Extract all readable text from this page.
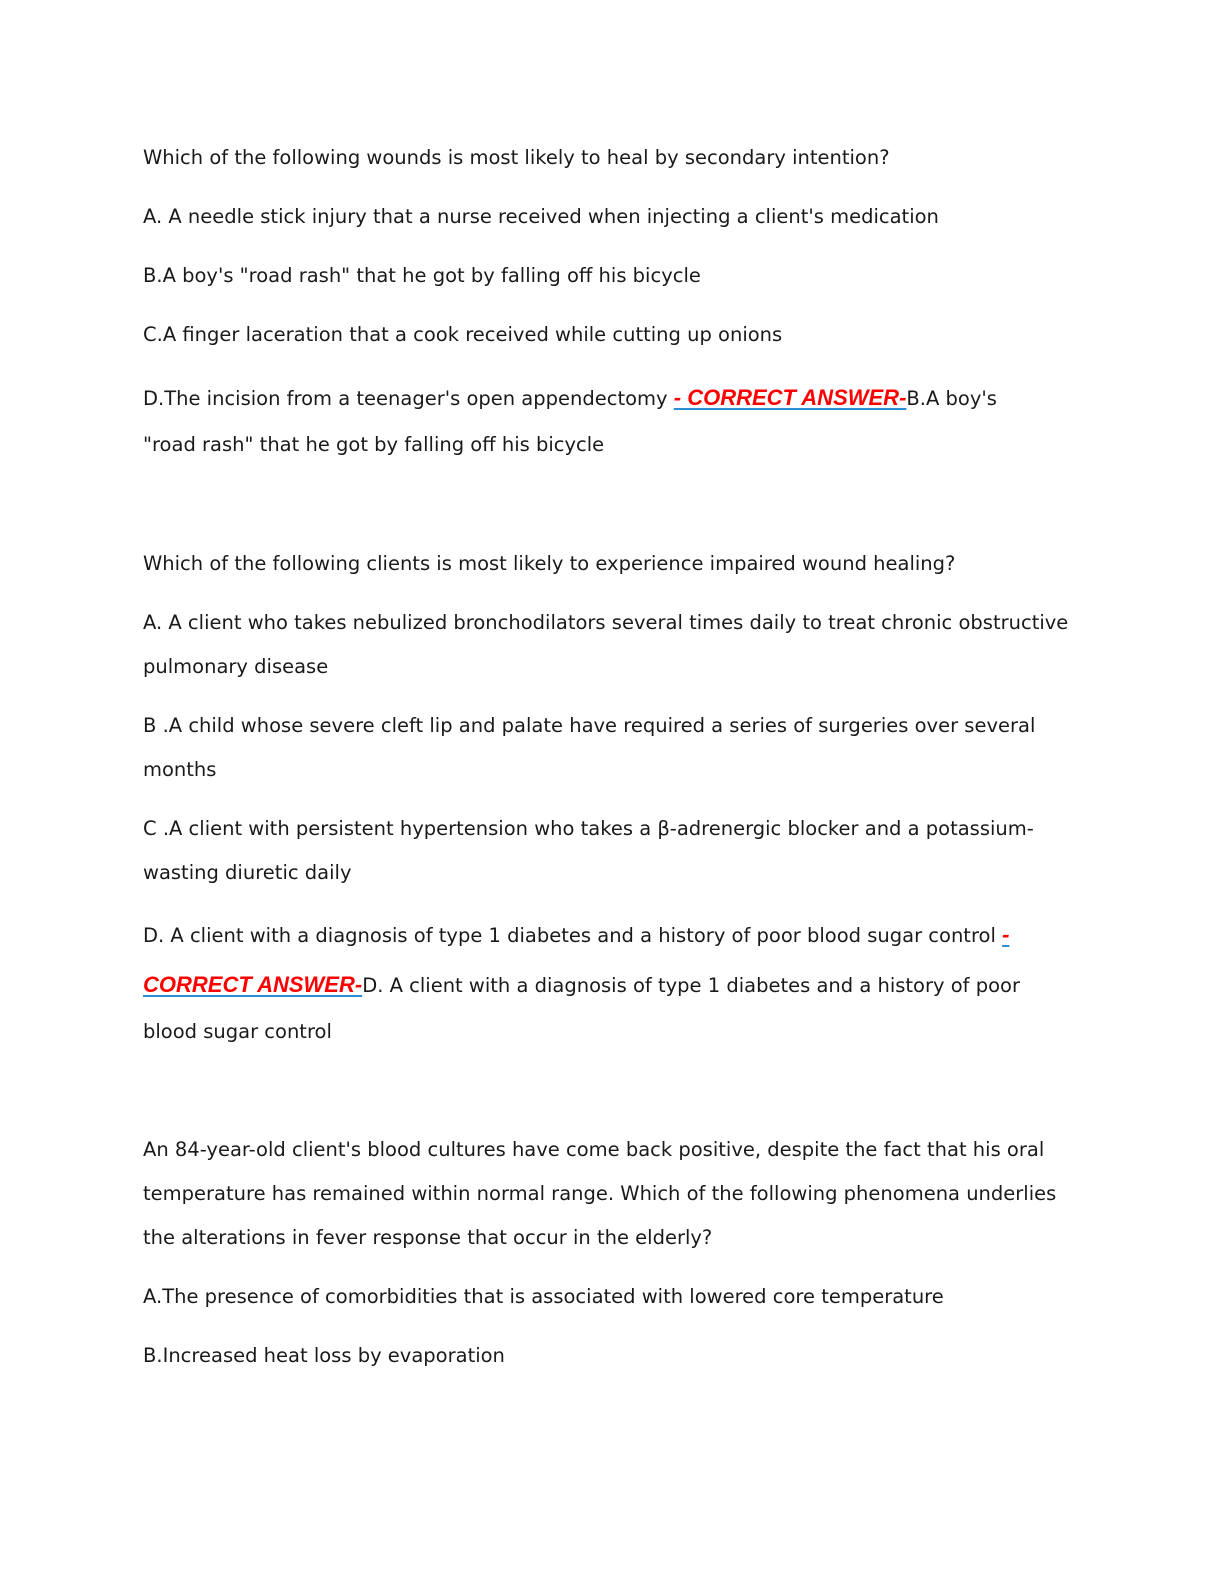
Which of the following wounds is most likely to heal by secondary intention?
A. A needle stick injury that a nurse received when injecting a client's medication
B.A boy's "road rash" that he got by falling off his bicycle
C.A finger laceration that a cook received while cutting up onions
D.The incision from a teenager's open appendectomy - CORRECT ANSWER-B.A boy's
"road rash" that he got by falling off his bicycle
Which of the following clients is most likely to experience impaired wound healing?
A. A client who takes nebulized bronchodilators several times daily to treat chronic obstructive
pulmonary disease
B .A child whose severe cleft lip and palate have required a series of surgeries over several
months
C .A client with persistent hypertension who takes a β-adrenergic blocker and a potassium-
wasting diuretic daily
D. A client with a diagnosis of type 1 diabetes and a history of poor blood sugar control -
CORRECT ANSWER-D. A client with a diagnosis of type 1 diabetes and a history of poor
blood sugar control
An 84-year-old client's blood cultures have come back positive, despite the fact that his oral
temperature has remained within normal range. Which of the following phenomena underlies
the alterations in fever response that occur in the elderly?
A.The presence of comorbidities that is associated with lowered core temperature
B.Increased heat loss by evaporation
